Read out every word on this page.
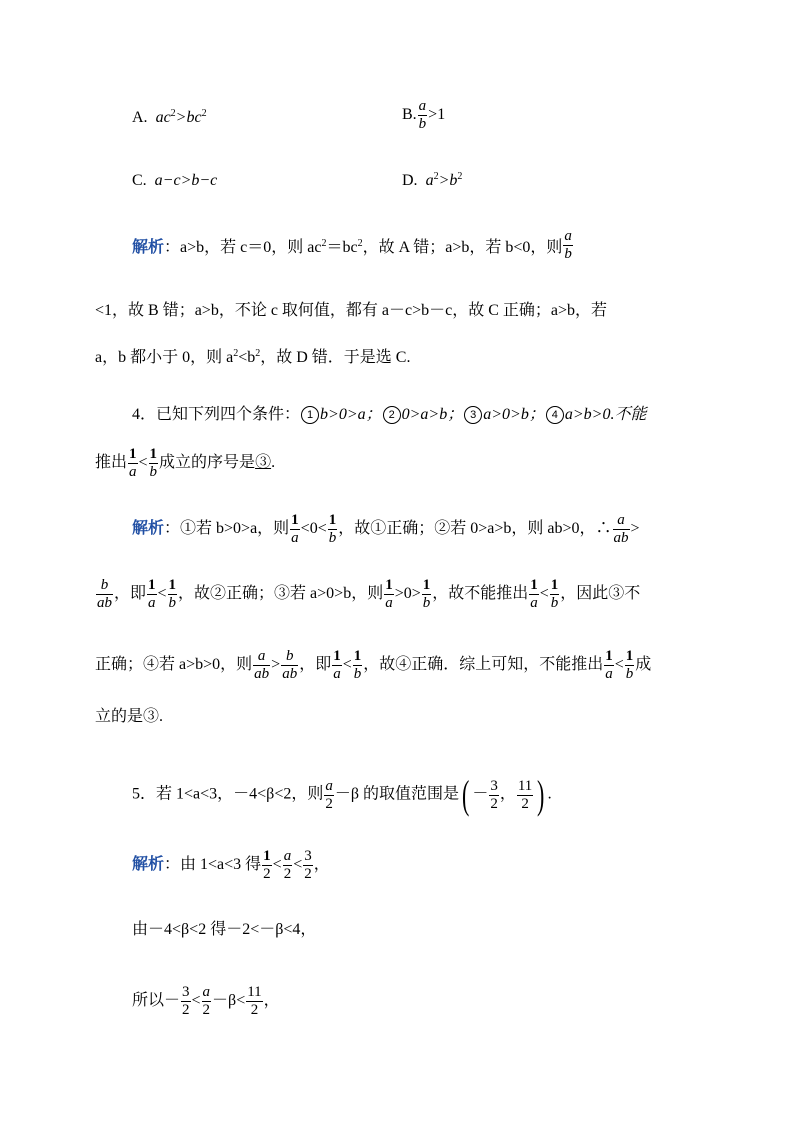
A. $ac^2>bc^2$	B. $\frac{a}{b} >1$
C. a−c>b−c	D. $a^2>b^2$
解析：a>b，若 c＝0，则 $ac^2=bc^2$，故 A 错；a>b，若 b<0，则 $\frac{a}{b}$
<1，故 B 错；a>b，不论 c 取何值，都有 a－c>b－c，故 C 正确；a>b，若
a，b 都小于 0，则 $a^2<b^2$，故 D 错．于是选 C.
4．已知下列四个条件： 1 b>0>a； 2 0>a>b； 3 a>0>b； 4 a>b>0.不能
推出 $\frac{1}{a} < \frac{1}{b}$ 成立的序号是③.
解析：①若 b>0>a，则 $\frac{1}{a} <0< \frac{1}{b}$ ，故①正确；②若 0>a>b，则 ab>0，∴ $\frac{a}{ab}$ >
$\frac{b}{ab}$ ，即 $\frac{1}{a} < \frac{1}{b}$ ，故②正确；③若 a>0>b，则 $\frac{1}{a} >0> \frac{1}{b}$ ，故不能推出 $\frac{1}{a} < \frac{1}{b}$ ，因此③不
正确；④若 a>b>0，则 $\frac{a}{ab} > \frac{b}{ab}$ ，即 $\frac{1}{a} < \frac{1}{b}$ ，故④正确．综上可知，不能推出 $\frac{1}{a} < \frac{1}{b}$ 成
立的是③.
5．若 1<a<3，－4<β<2，则 $\frac{a}{2} -\beta$ 的取值范围是( － $\frac{3}{2}$ ， $\frac{11}{2}$ ) .
解析：由 1<a<3 得 $\frac{1}{2} < \frac{a}{2} < \frac{3}{2}$ ，
由－4<β<2 得－2<－β<4，
所以－ $\frac{3}{2} < \frac{a}{2} -\beta< \frac{11}{2}$ ，
